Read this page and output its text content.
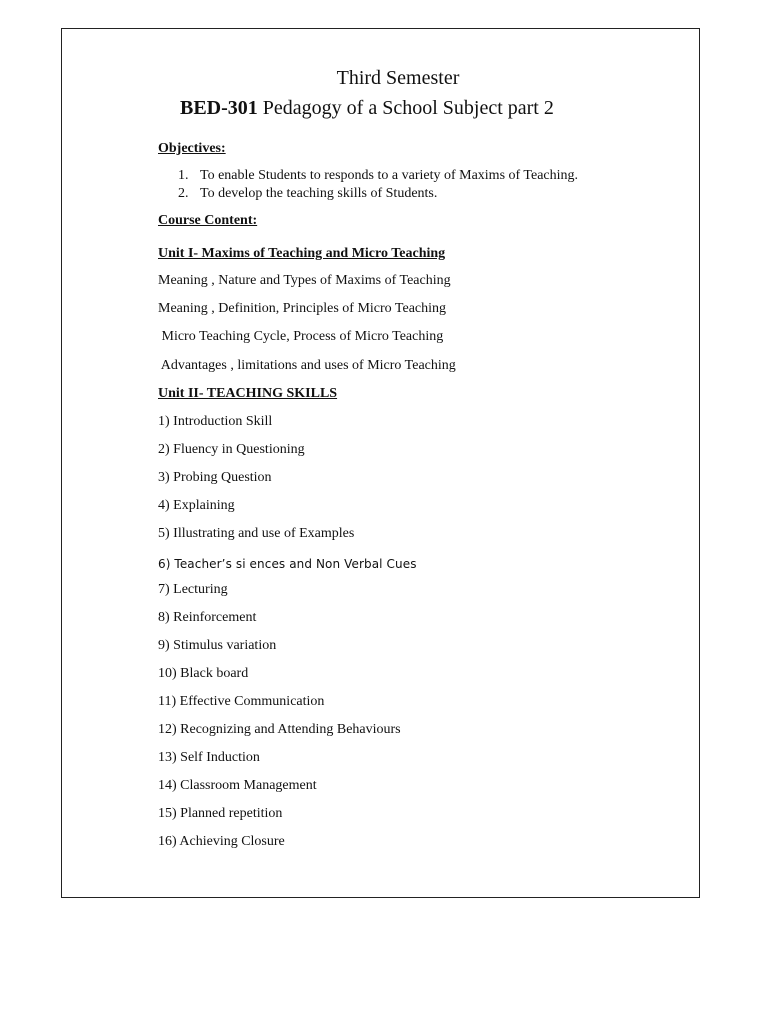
Third Semester
BED-301 Pedagogy of a School Subject part 2
Objectives:
1. To enable Students to responds to a variety of Maxims of Teaching.
2. To develop the teaching skills of Students.
Course Content:
Unit I- Maxims of Teaching and Micro Teaching
Meaning , Nature and Types of Maxims of Teaching
Meaning , Definition, Principles of Micro Teaching
Micro Teaching Cycle, Process of Micro Teaching
Advantages , limitations and uses of Micro Teaching
Unit II- TEACHING SKILLS
1) Introduction Skill
2) Fluency in Questioning
3) Probing Question
4) Explaining
5) Illustrating and use of Examples
6) Teacher’s si ences and Non Verbal Cues
7) Lecturing
8) Reinforcement
9) Stimulus variation
10) Black board
11) Effective Communication
12) Recognizing and Attending Behaviours
13) Self Induction
14) Classroom Management
15) Planned repetition
16) Achieving Closure
